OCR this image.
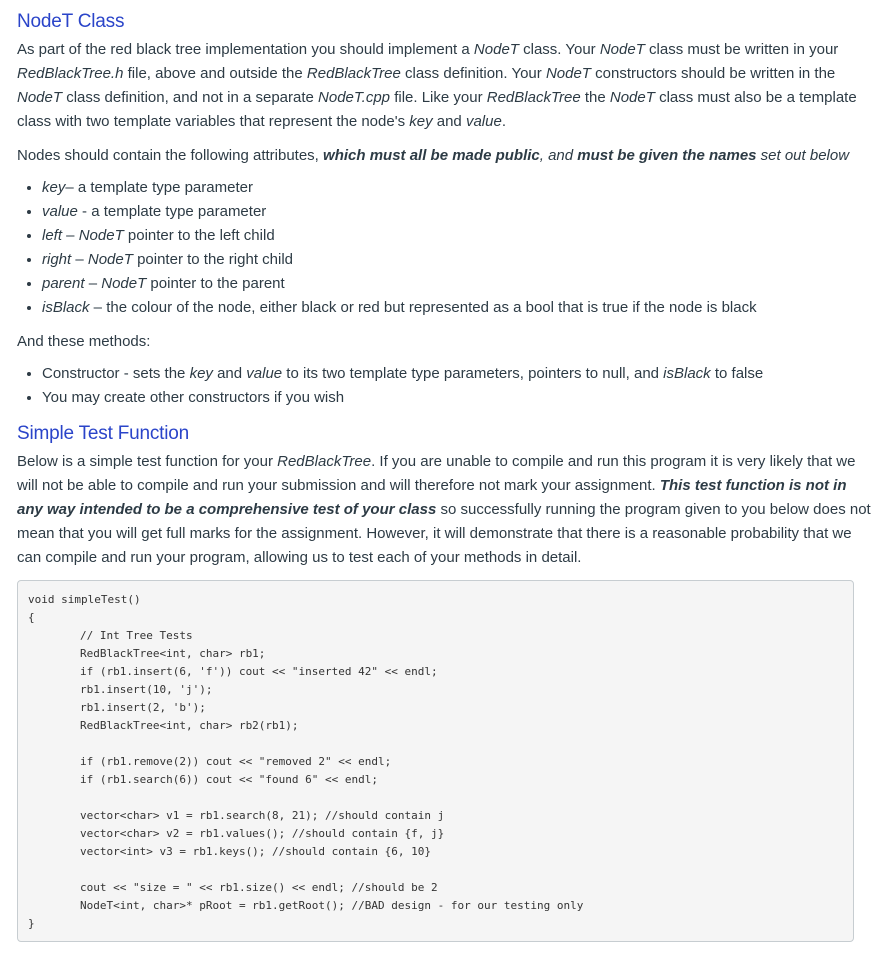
NodeT Class

As part of the red black tree implementation you should implement a NodeT class. Your NodeT class must be written in your RedBlackTree.h file, above and outside the RedBlackTree class definition. Your NodeT constructors should be written in the NodeT class definition, and not in a separate NodeT.cpp file. Like your RedBlackTree the NodeT class must also be a template class with two template variables that represent the node's key and value.

Nodes should contain the following attributes, which must all be made public, and must be given the names set out below

• key– a template type parameter
• value - a template type parameter
• left – NodeT pointer to the left child
• right – NodeT pointer to the right child
• parent – NodeT pointer to the parent
• isBlack – the colour of the node, either black or red but represented as a bool that is true if the node is black

And these methods:

• Constructor - sets the key and value to its two template type parameters, pointers to null, and isBlack to false
• You may create other constructors if you wish
Simple Test Function

Below is a simple test function for your RedBlackTree. If you are unable to compile and run this program it is very likely that we will not be able to compile and run your submission and will therefore not mark your assignment. This test function is not in any way intended to be a comprehensive test of your class so successfully running the program given to you below does not mean that you will get full marks for the assignment. However, it will demonstrate that there is a reasonable probability that we can compile and run your program, allowing us to test each of your methods in detail.

void simpleTest()
{
// Int Tree Tests
RedBlackTree<int, char> rb1;
if (rb1.insert(6, 'f')) cout << "inserted 42" << endl;
rb1.insert(10, 'j');
rb1.insert(2, 'b');
RedBlackTree<int, char> rb2(rb1);
if (rb1.remove(2)) cout << "removed 2" << endl;
if (rb1.search(6)) cout << "found 6" << endl;
vector<char> v1 = rb1.search(8, 21); //should contain j
vector<char> v2 = rb1.values(); //should contain {f, j}
vector<int> v3 = rb1.keys(); //should contain {6, 10}
cout << "size = " << rb1.size() << endl; //should be 2
NodeT<int, char>* pRoot = rb1.getRoot(); //BAD design - for our testing only
}
